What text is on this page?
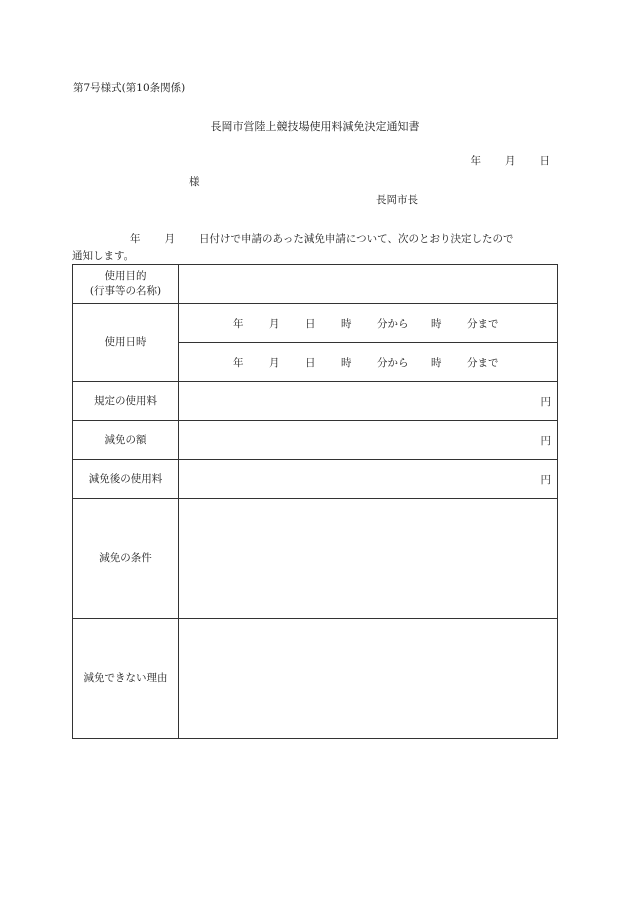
第7号様式(第10条関係)
長岡市営陸上競技場使用料減免決定通知書
年 月 日
様
長岡市長
年 月 日付けで申請のあった減免申請について、次のとおり決定したので
通知します。
使用目的
(行事等の名称)	

使用日時	年 月 日 時 分から 時 分まで
	年 月 日 時 分から 時 分まで
規定の使用料	円
減免の額	円
減免後の使用料	円
減免の条件	
減免できない理由	
